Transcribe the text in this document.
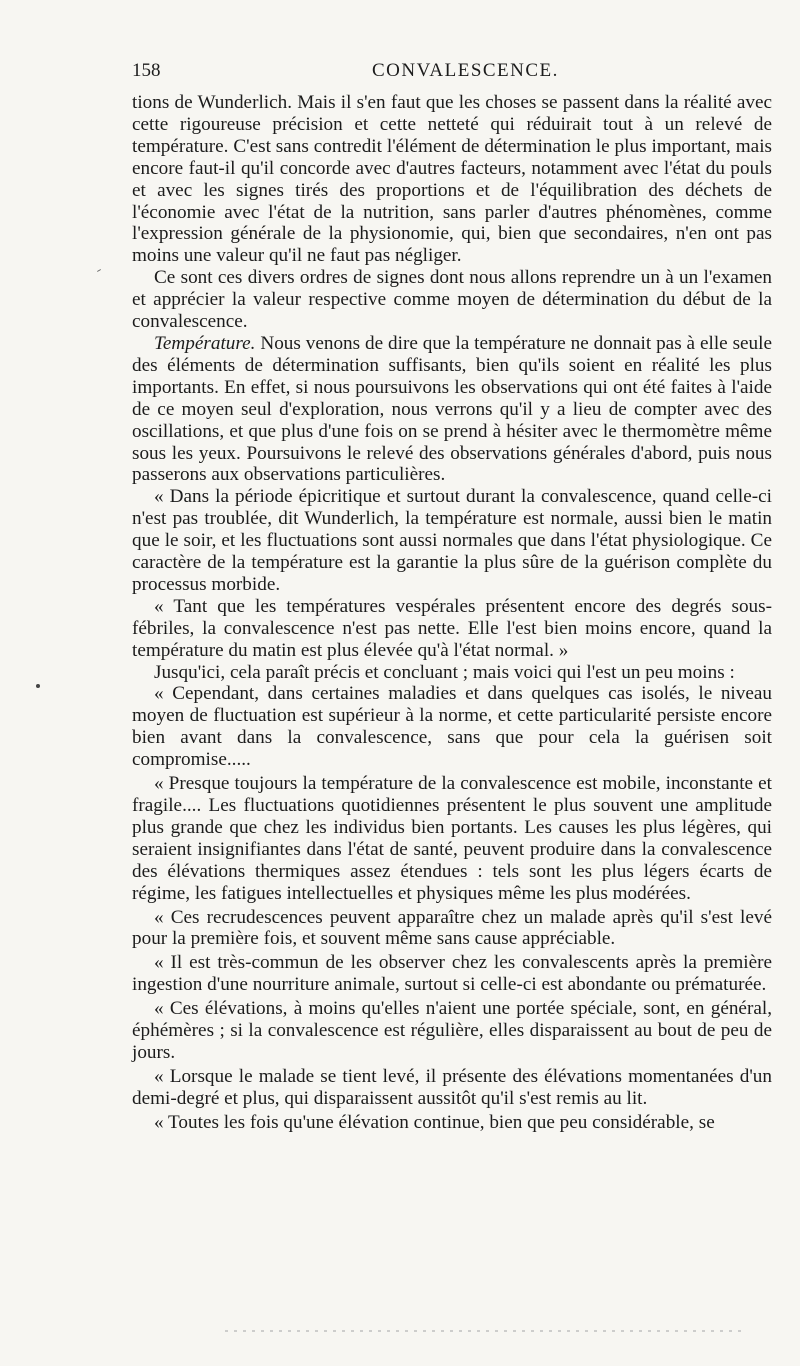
158	CONVALESCENCE.

tions de Wunderlich. Mais il s'en faut que les choses se passent dans la réalité avec cette rigoureuse précision et cette netteté qui réduirait tout à un relevé de température. C'est sans contredit l'élément de détermination le plus important, mais encore faut-il qu'il concorde avec d'autres facteurs, notamment avec l'état du pouls et avec les signes tirés des proportions et de l'équilibration des déchets de l'économie avec l'état de la nutrition, sans parler d'autres phénomènes, comme l'expression générale de la physionomie, qui, bien que secondaires, n'en ont pas moins une valeur qu'il ne faut pas négliger.

Ce sont ces divers ordres de signes dont nous allons reprendre un à un l'examen et apprécier la valeur respective comme moyen de détermination du début de la convalescence.

Température. Nous venons de dire que la température ne donnait pas à elle seule des éléments de détermination suffisants, bien qu'ils soient en réalité les plus importants. En effet, si nous poursuivons les observations qui ont été faites à l'aide de ce moyen seul d'exploration, nous verrons qu'il y a lieu de compter avec des oscillations, et que plus d'une fois on se prend à hésiter avec le thermomètre même sous les yeux. Poursuivons le relevé des observations générales d'abord, puis nous passerons aux observations particulières.

« Dans la période épicritique et surtout durant la convalescence, quand celle-ci n'est pas troublée, dit Wunderlich, la température est normale, aussi bien le matin que le soir, et les fluctuations sont aussi normales que dans l'état physiologique. Ce caractère de la température est la garantie la plus sûre de la guérison complète du processus morbide.

« Tant que les températures vespérales présentent encore des degrés sous-fébriles, la convalescence n'est pas nette. Elle l'est bien moins encore, quand la température du matin est plus élevée qu'à l'état normal. »

Jusqu'ici, cela paraît précis et concluant ; mais voici qui l'est un peu moins :

« Cependant, dans certaines maladies et dans quelques cas isolés, le niveau moyen de fluctuation est supérieur à la norme, et cette particularité persiste encore bien avant dans la convalescence, sans que pour cela la guérisen soit compromise.....

« Presque toujours la température de la convalescence est mobile, inconstante et fragile.... Les fluctuations quotidiennes présentent le plus souvent une amplitude plus grande que chez les individus bien portants. Les causes les plus légères, qui seraient insignifiantes dans l'état de santé, peuvent produire dans la convalescence des élévations thermiques assez étendues : tels sont les plus légers écarts de régime, les fatigues intellectuelles et physiques même les plus modérées.

« Ces recrudescences peuvent apparaître chez un malade après qu'il s'est levé pour la première fois, et souvent même sans cause appréciable.

« Il est très-commun de les observer chez les convalescents après la première ingestion d'une nourriture animale, surtout si celle-ci est abondante ou prématurée.

« Ces élévations, à moins qu'elles n'aient une portée spéciale, sont, en général, éphémères ; si la convalescence est régulière, elles disparaissent au bout de peu de jours.

« Lorsque le malade se tient levé, il présente des élévations momentanées d'un demi-degré et plus, qui disparaissent aussitôt qu'il s'est remis au lit.

« Toutes les fois qu'une élévation continue, bien que peu considérable, se
